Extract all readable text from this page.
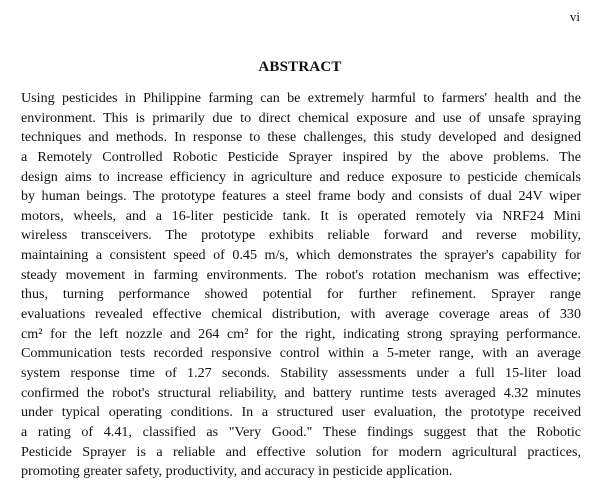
vi
ABSTRACT
Using pesticides in Philippine farming can be extremely harmful to farmers' health and the
environment. This is primarily due to direct chemical exposure and use of unsafe spraying
techniques and methods. In response to these challenges, this study developed and designed
a Remotely Controlled Robotic Pesticide Sprayer inspired by the above problems. The
design aims to increase efficiency in agriculture and reduce exposure to pesticide chemicals
by human beings. The prototype features a steel frame body and consists of dual 24V wiper
motors, wheels, and a 16-liter pesticide tank. It is operated remotely via NRF24 Mini
wireless transceivers. The prototype exhibits reliable forward and reverse mobility,
maintaining a consistent speed of 0.45 m/s, which demonstrates the sprayer's capability for
steady movement in farming environments. The robot's rotation mechanism was effective;
thus, turning performance showed potential for further refinement. Sprayer range
evaluations revealed effective chemical distribution, with average coverage areas of 330
cm² for the left nozzle and 264 cm² for the right, indicating strong spraying performance.
Communication tests recorded responsive control within a 5-meter range, with an average
system response time of 1.27 seconds. Stability assessments under a full 15-liter load
confirmed the robot's structural reliability, and battery runtime tests averaged 4.32 minutes
under typical operating conditions. In a structured user evaluation, the prototype received
a rating of 4.41, classified as "Very Good." These findings suggest that the Robotic
Pesticide Sprayer is a reliable and effective solution for modern agricultural practices,
promoting greater safety, productivity, and accuracy in pesticide application.
